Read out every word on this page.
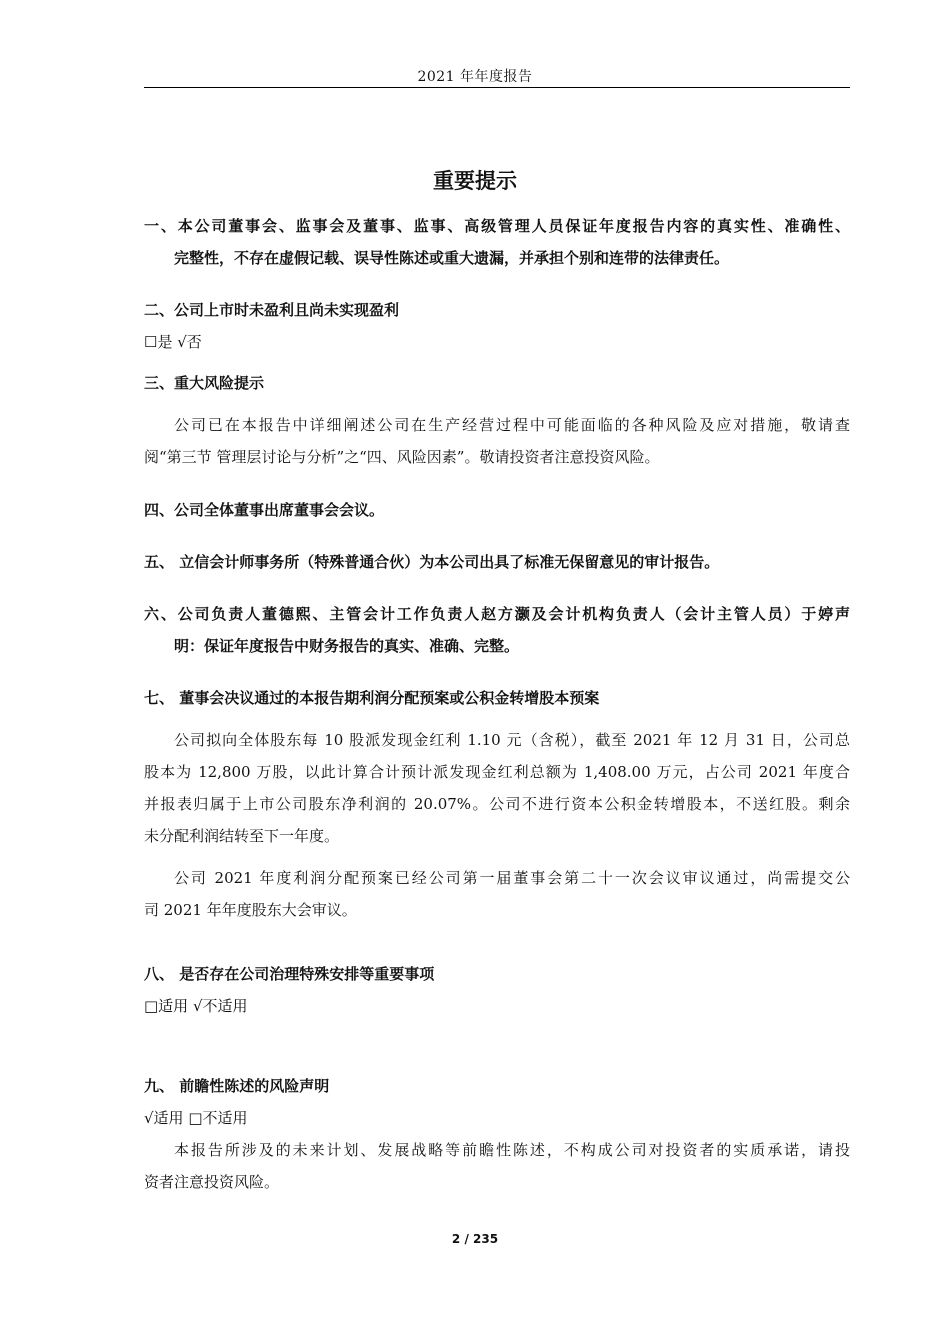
2021 年年度报告
重要提示
一、本公司董事会、监事会及董事、监事、高级管理人员保证年度报告内容的真实性、准确性、
完整性，不存在虚假记载、误导性陈述或重大遗漏，并承担个别和连带的法律责任。
二、公司上市时未盈利且尚未实现盈利
☐是 √否
三、重大风险提示
公司已在本报告中详细阐述公司在生产经营过程中可能面临的各种风险及应对措施，敬请查
阅“第三节 管理层讨论与分析”之“四、风险因素”。敬请投资者注意投资风险。
四、公司全体董事出席董事会会议。
五、 立信会计师事务所（特殊普通合伙）为本公司出具了标准无保留意见的审计报告。
六、公司负责人董德熙、主管会计工作负责人赵方灏及会计机构负责人（会计主管人员）于婷声
明：保证年度报告中财务报告的真实、准确、完整。
七、 董事会决议通过的本报告期利润分配预案或公积金转增股本预案
公司拟向全体股东每 10 股派发现金红利 1.10 元（含税），截至 2021 年 12 月 31 日，公司总
股本为 12,800 万股，以此计算合计预计派发现金红利总额为 1,408.00 万元，占公司 2021 年度合
并报表归属于上市公司股东净利润的 20.07%。公司不进行资本公积金转增股本，不送红股。剩余
未分配利润结转至下一年度。
公司 2021 年度利润分配预案已经公司第一届董事会第二十一次会议审议通过，尚需提交公
司 2021 年年度股东大会审议。
八、 是否存在公司治理特殊安排等重要事项
□适用 √不适用
九、 前瞻性陈述的风险声明
√适用 □不适用
本报告所涉及的未来计划、发展战略等前瞻性陈述，不构成公司对投资者的实质承诺，请投
资者注意投资风险。
2 / 235
